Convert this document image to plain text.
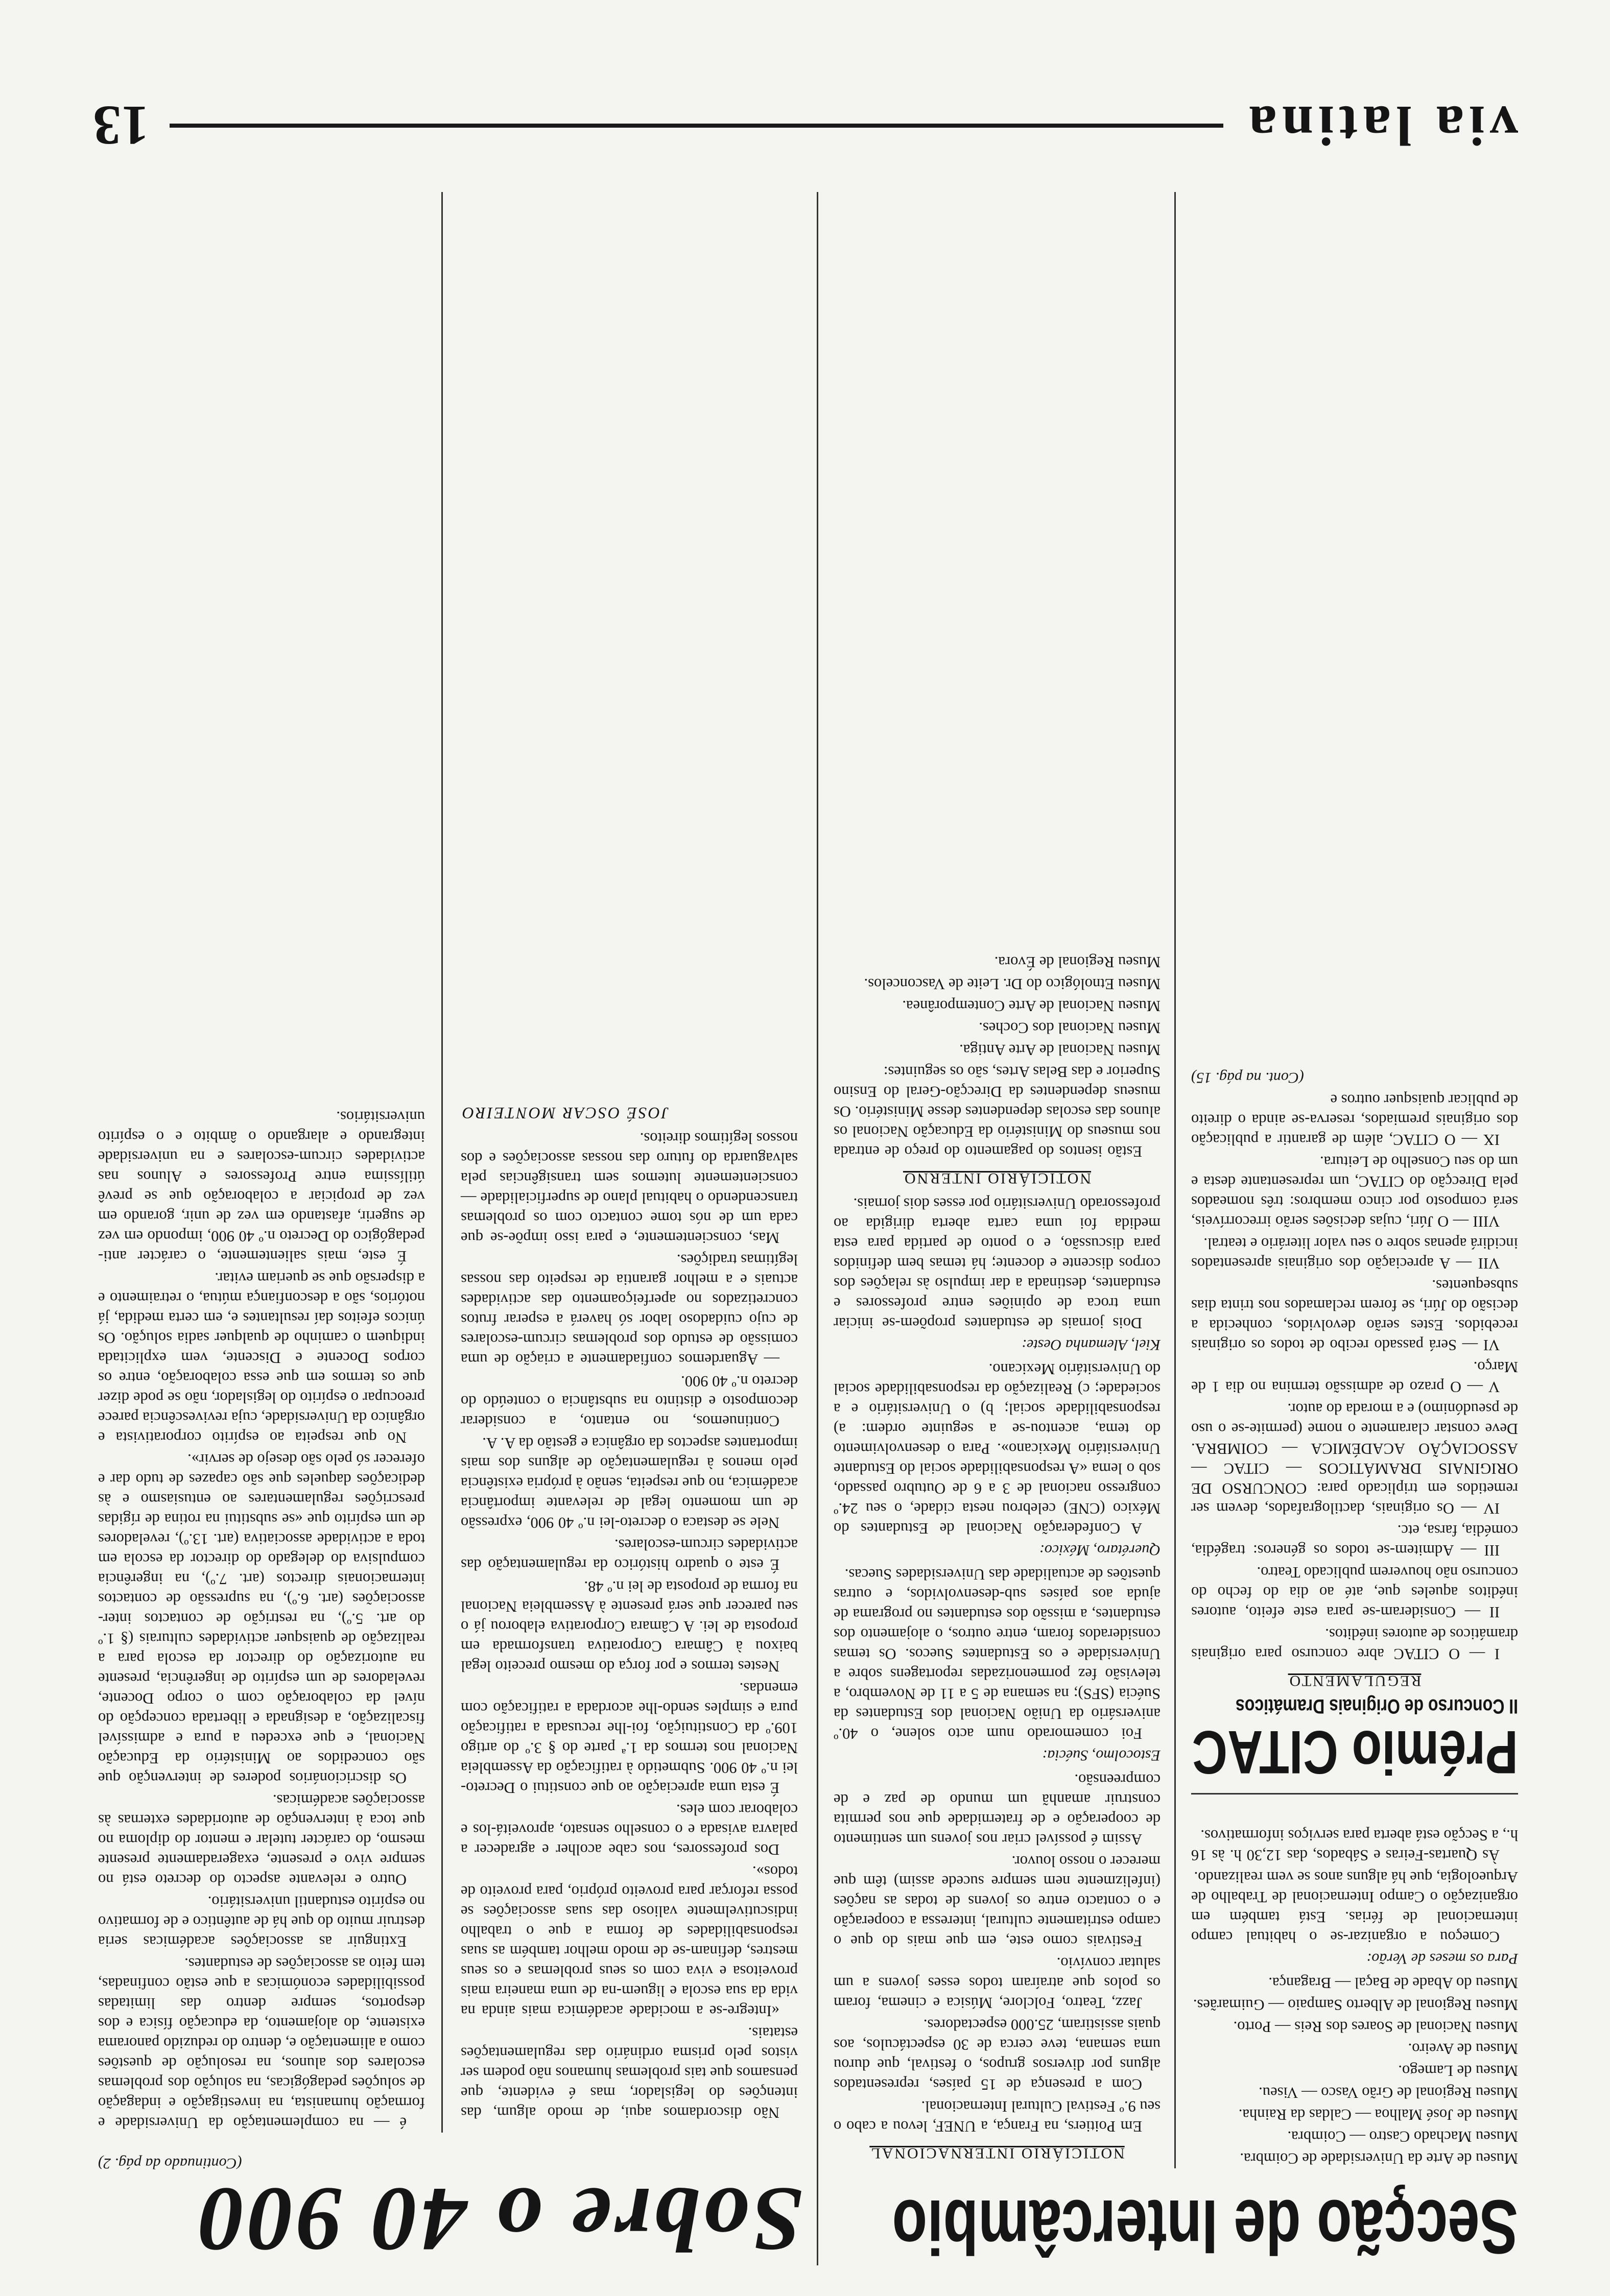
via latina
13
Sobre o 40 900
(Continuado da pág. 2)

é — na complementação da Universidade e formação humanista, na investigação e indagação de soluções pedagógicas, na solução dos problemas escolares dos alunos, na resolução de questões como a alimentação e, dentro do reduzido panorama existente, do alojamento, da educação física e dos desportos, sempre dentro das limitadas possibilidades económicas a que estão confinadas, tem feito as associações de estudantes.

Extinguir as associações académicas seria destruir muito do que há de autêntico e de formativo no espírito estudantil universitário.

Outro e relevante aspecto do decreto está no sempre vivo e presente, exageradamente presente mesmo, do carácter tutelar e mentor do diploma no que toca à intervenção de autoridades externas às associações académicas.

Os discricionários poderes de intervenção que são concedidos ao Ministério da Educação Nacional, e que excedeu a pura e admissível fiscalização, a designada e libertada concepção do nível da colaboração com o corpo Docente, reveladores de um espírito de ingerência, presente na autorização do director da escola para a realização de quaisquer actividades culturais (§ 1.º do art. 5.º), na restrição de contactos inter-associações (art. 6.º), na supressão de contactos internacionais directos (art. 7.º), na ingerência compulsiva do delegado do director da escola em toda a actividade associativa (art. 13.º), reveladores de um espírito que «se substitui na rotina de rígidas prescrições regulamentares ao entusiasmo e às dedicações daqueles que são capazes de tudo dar e oferecer só pelo são desejo de servir».

No que respeita ao espírito corporativista e orgânico da Universidade, cuja revivescência parece preocupar o espírito do legislador, não se pode dizer que os termos em que essa colaboração, entre os corpos Docente e Discente, vem explicitada indiquem o caminho de qualquer sadia solução. Os únicos efeitos daí resultantes e, em certa medida, já notórios, são a desconfiança mútua, o retraimento e a dispersão que se queriam evitar.

É este, mais salientemente, o carácter anti-pedagógico do Decreto n.º 40 900, impondo em vez de sugerir, afastando em vez de unir, gorando em vez de propiciar a colaboração que se prevê útilíssima entre Professores e Alunos nas actividades circum-escolares e na universidade integrando e alargando o âmbito e o espírito universitários.

Não discordamos aqui, de modo algum, das intenções do legislador, mas é evidente, que pensamos que tais problemas humanos não podem ser vistos pelo prisma ordinário das regulamentações estatais.

«Integre-se a mocidade académica mais ainda na vida da sua escola e liguem-na de uma maneira mais proveitosa e viva com os seus problemas e os seus mestres, definam-se de modo melhor também as suas responsabilidades de forma a que o trabalho indiscutivelmente valioso das suas associações se possa reforçar para proveito próprio, para proveito de todos».

Dos professores, nos cabe acolher e agradecer a palavra avisada e o conselho sensato, aproveitá-los e colaborar com eles.

É esta uma apreciação ao que constitui o Decreto-lei n.º 40 900. Submetido à ratificação da Assembleia Nacional nos termos da 1.ª parte do § 3.º do artigo 109.º da Constituição, foi-lhe recusada a ratificação pura e simples sendo-lhe acordada a ratificação com emendas.

Nestes termos e por força do mesmo preceito legal baixou à Câmara Corporativa transformada em proposta de lei. A Câmara Corporativa elaborou já o seu parecer que será presente à Assembleia Nacional na forma de proposta de lei n.º 48.

É este o quadro histórico da regulamentação das actividades circum-escolares.

Nele se destaca o decreto-lei n.º 40 900, expressão de um momento legal de relevante importância académica, no que respeita, senão à própria existência pelo menos à regulamentação de alguns dos mais importantes aspectos da orgânica e gestão da A. A.

Continuemos, no entanto, a considerar decomposto e distinto na substância o conteúdo do decreto n.º 40 900.

— Aguardemos confiadamente a criação de uma comissão de estudo dos problemas circum-escolares de cujo cuidadoso labor só haverá a esperar frutos concretizados no aperfeiçoamento das actividades actuais e a melhor garantia de respeito das nossas legítimas tradições.

Mas, conscientemente, e para isso impõe-se que cada um de nós tome contacto com os problemas transcendendo o habitual plano de superficialidade — conscientemente lutemos sem transigências pela salvaguarda do futuro das nossas associações e dos nossos legítimos direitos.

JOSÉ OSCAR MONTEIRO
Secção de Intercâmbio
NOTICIÁRIO INTERNACIONAL

Em Poitiers, na França, a UNEF, levou a cabo o seu 9.º Festival Cultural Internacional.

Com a presença de 15 países, representados alguns por diversos grupos, o festival, que durou uma semana, teve cerca de 30 espectáculos, aos quais assistiram, 25.000 espectadores.

Jazz, Teatro, Folclore, Música e cinema, foram os polos que atraíram todos esses jovens a um salutar convívio.

Festivais como este, em que mais do que o campo estritamente cultural, interessa a cooperação e o contacto entre os jovens de todas as nações (infelizmente nem sempre sucede assim) têm que merecer o nosso louvor.

Assim é possível criar nos jovens um sentimento de cooperação e de fraternidade que nos permita construir amanhã um mundo de paz e de compreensão.

Estocolmo, Suécia:

Foi comemorado num acto solene, o 40.º aniversário da União Nacional dos Estudantes da Suécia (SFS); na semana de 5 a 11 de Novembro, a televisão fez pormenorizadas reportagens sobre a Universidade e os Estudantes Suecos. Os temas considerados foram, entre outros, o alojamento dos estudantes, a missão dos estudantes no programa de ajuda aos países sub-desenvolvidos, e outras questões de actualidade das Universidades Suecas.

Querétaro, México:

A Confederação Nacional de Estudantes do México (CNE) celebrou nesta cidade, o seu 24.º congresso nacional de 3 a 6 de Outubro passado, sob o lema «A responsabilidade social do Estudante Universitário Mexicano». Para o desenvolvimento do tema, acentou-se a seguinte ordem: a) responsabilidade social; b) o Universitário e a sociedade; c) Realização da responsabilidade social do Universitário Mexicano.

Kiel, Alemanha Oeste:

Dois jornais de estudantes propõem-se iniciar uma troca de opiniões entre professores e estudantes, destinada a dar impulso às relações dos corpos discente e docente; há temas bem definidos para discussão, e o ponto de partida para esta medida foi uma carta aberta dirigida ao professorado Universitário por esses dois jornais.

NOTICIÁRIO INTERNO

Estão isentos do pagamento do preço de entrada nos museus do Ministério da Educação Nacional os alunos das escolas dependentes desse Ministério. Os museus dependentes da Direcção-Geral do Ensino Superior e das Belas Artes, são os seguintes:

Museu Nacional de Arte Antiga.

Museu Nacional dos Coches.

Museu Nacional de Arte Contemporânea.

Museu Etnológico do Dr. Leite de Vasconcelos.

Museu Regional de Évora.

Museu de Arte da Universidade de Coimbra.

Museu Machado Castro — Coimbra.

Museu de José Malhoa — Caldas da Rainha.

Museu Regional de Grão Vasco — Viseu.

Museu de Lamego.

Museu de Aveiro.

Museu Nacional de Soares dos Reis — Porto.

Museu Regional de Alberto Sampaio — Guimarães.

Museu do Abade de Baçal — Bragança.

Para os meses de Verão:

Começou a organizar-se o habitual campo internacional de férias. Está também em organização o Campo Internacional de Trabalho de Arqueologia, que há alguns anos se vem realizando.

Às Quartas-Feiras e Sábados, das 12,30 h. às 16 h., a Secção está aberta para serviços informativos.

Prémio CITAC
II Concurso de Originais Dramáticos
REGULAMENTO

I — O CITAC abre concurso para originais dramáticos de autores inéditos.

II — Consideram-se para este efeito, autores inéditos aqueles que, até ao dia do fecho do concurso não houverem publicado Teatro.

III — Admitem-se todos os géneros: tragédia, comédia, farsa, etc.

IV — Os originais, dactilografados, devem ser remetidos em triplicado para: CONCURSO DE ORIGINAIS DRAMÁTICOS — CITAC — ASSOCIAÇÃO ACADÉMICA — COIMBRA. Deve constar claramente o nome (permite-se o uso de pseudónimo) e a morada do autor.

V — O prazo de admissão termina no dia 1 de Março.

VI — Será passado recibo de todos os originais recebidos. Estes serão devolvidos, conhecida a decisão do Júri, se forem reclamados nos trinta dias subsequentes.

VII — A apreciação dos originais apresentados incidirá apenas sobre o seu valor literário e teatral.

VIII — O Júri, cujas decisões serão irrecorríveis, será composto por cinco membros: três nomeados pela Direcção do CITAC, um representante desta e um do seu Conselho de Leitura.

IX — O CITAC, além de garantir a publicação dos originais premiados, reserva-se ainda o direito de publicar quaisquer outros e

(Cont. na pág. 15)
